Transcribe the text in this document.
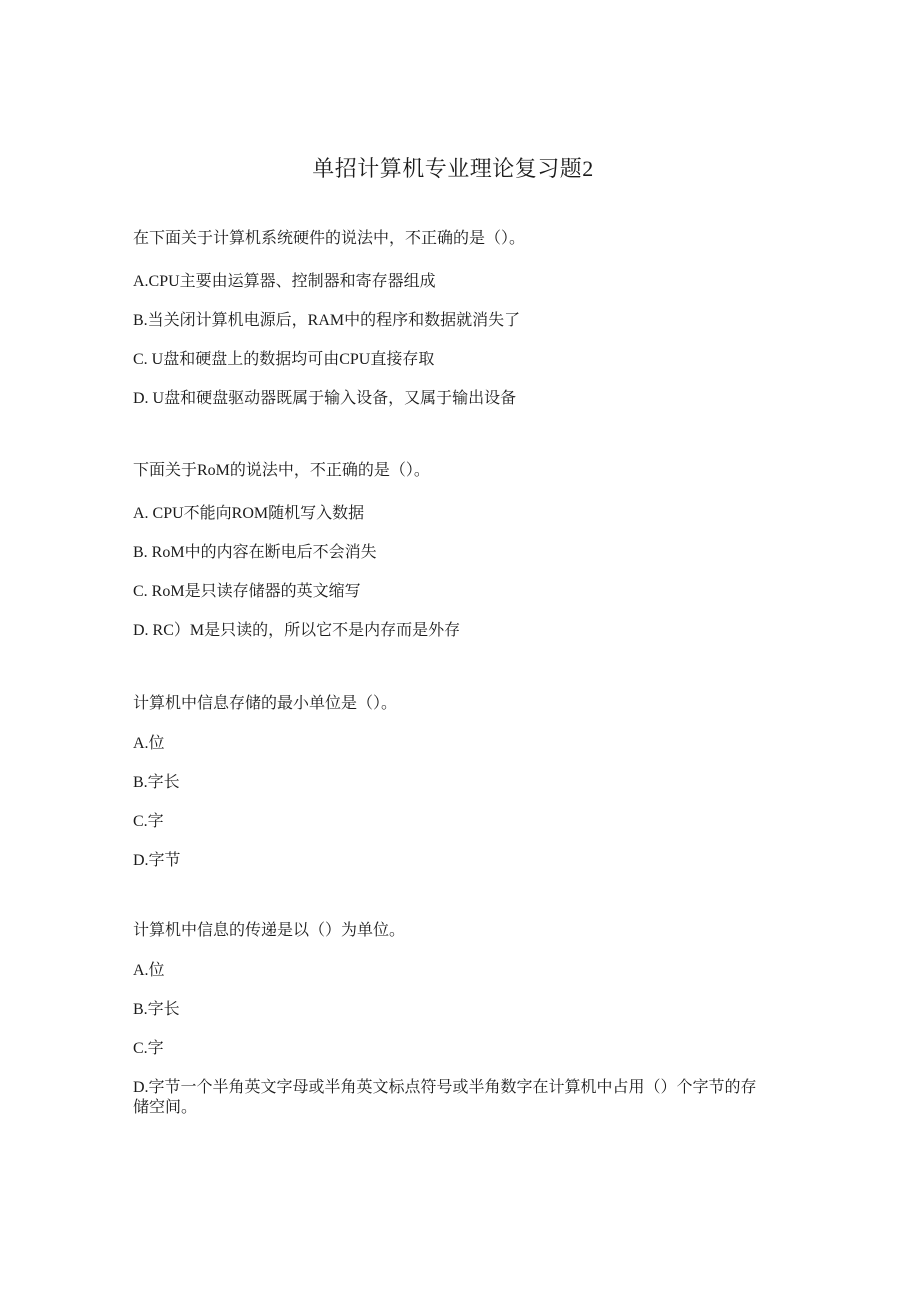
单招计算机专业理论复习题2
在下面关于计算机系统硬件的说法中，不正确的是（）。
A.CPU主要由运算器、控制器和寄存器组成
B.当关闭计算机电源后，RAM中的程序和数据就消失了
C. U盘和硬盘上的数据均可由CPU直接存取
D. U盘和硬盘驱动器既属于输入设备，又属于输出设备
下面关于RoM的说法中，不正确的是（）。
A. CPU不能向ROM随机写入数据
B. RoM中的内容在断电后不会消失
C. RoM是只读存储器的英文缩写
D. RC）M是只读的，所以它不是内存而是外存
计算机中信息存储的最小单位是（）。
A.位
B.字长
C.字
D.字节
计算机中信息的传递是以（）为单位。
A.位
B.字长
C.字
D.字节一个半角英文字母或半角英文标点符号或半角数字在计算机中占用（）个字节的存储空间。
